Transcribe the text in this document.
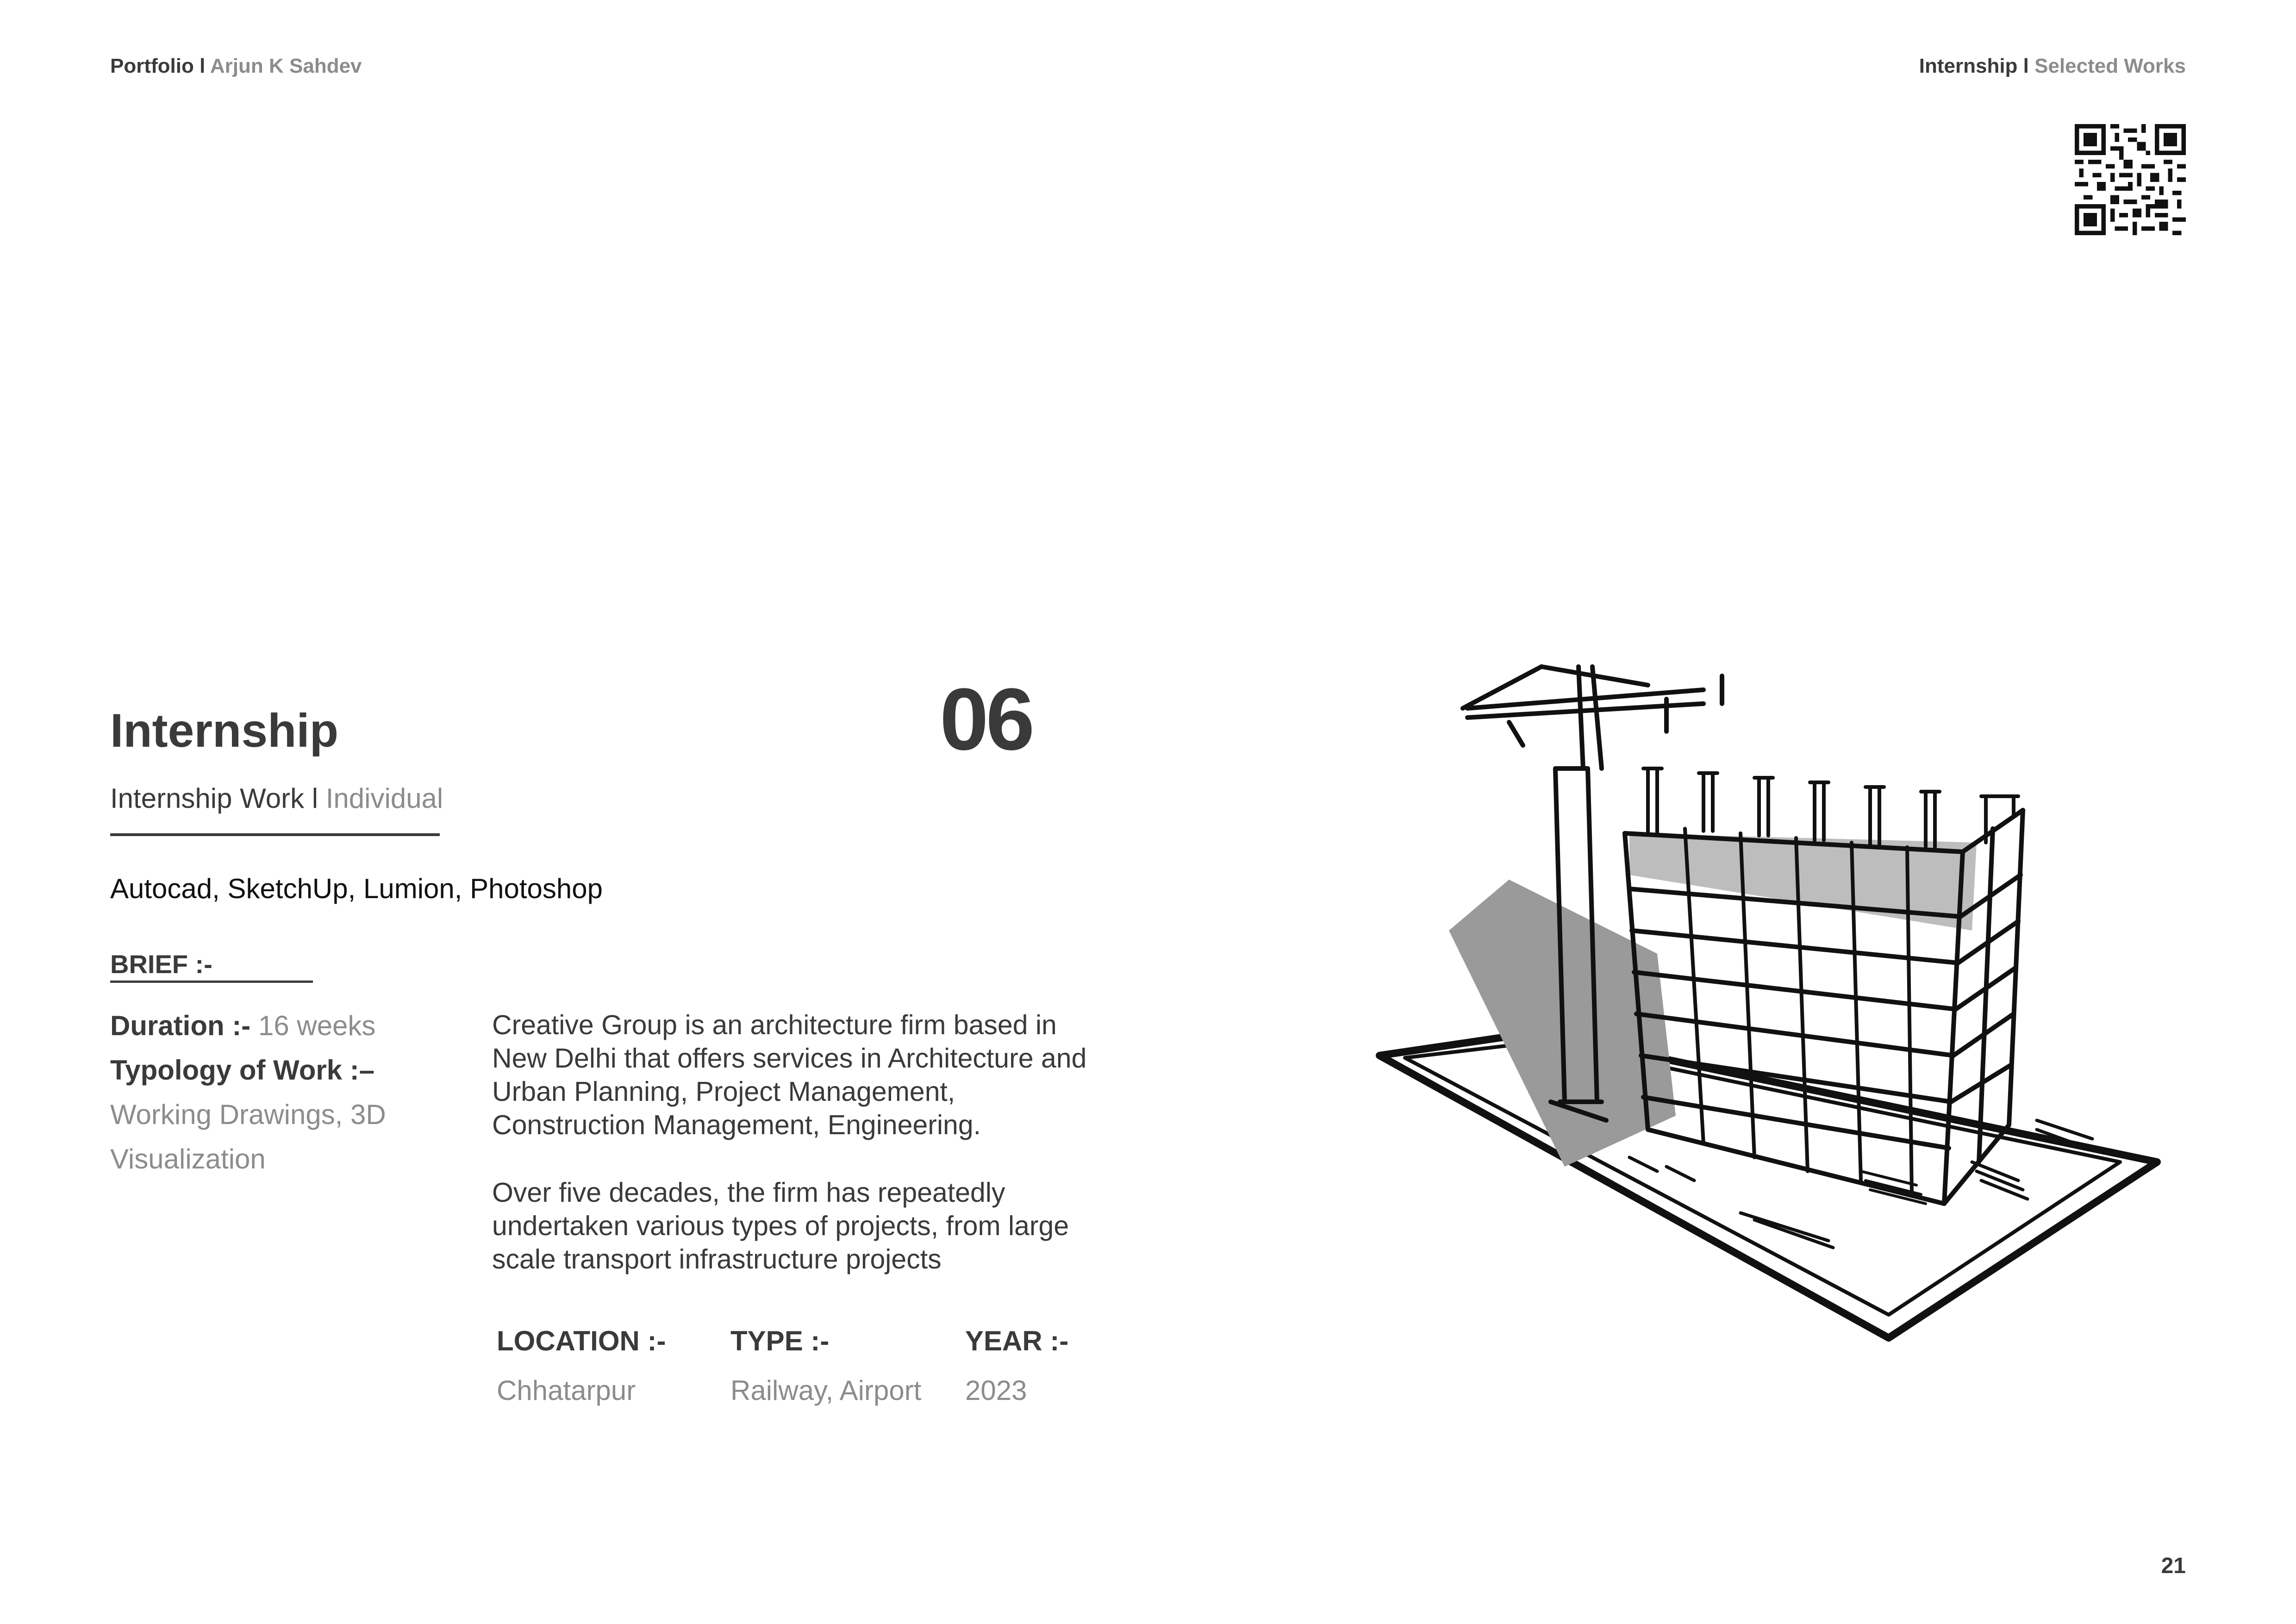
Portfolio l Arjun K Sahdev	Internship l Selected Works
Internship	06
Internship Work l Individual
Autocad, SketchUp, Lumion, Photoshop
BRIEF :-
Duration :- 16 weeks
Typology of Work :–
Working Drawings, 3D
Visualization
Creative Group is an architecture firm based in New Delhi that offers services in Architecture and Urban Planning, Project Management, Construction Management, Engineering.
Over five decades, the firm has repeatedly undertaken various types of projects, from large scale transport infrastructure projects
LOCATION :-
Chhatarpur
TYPE :-
Railway, Airport
YEAR :-
2023
21
